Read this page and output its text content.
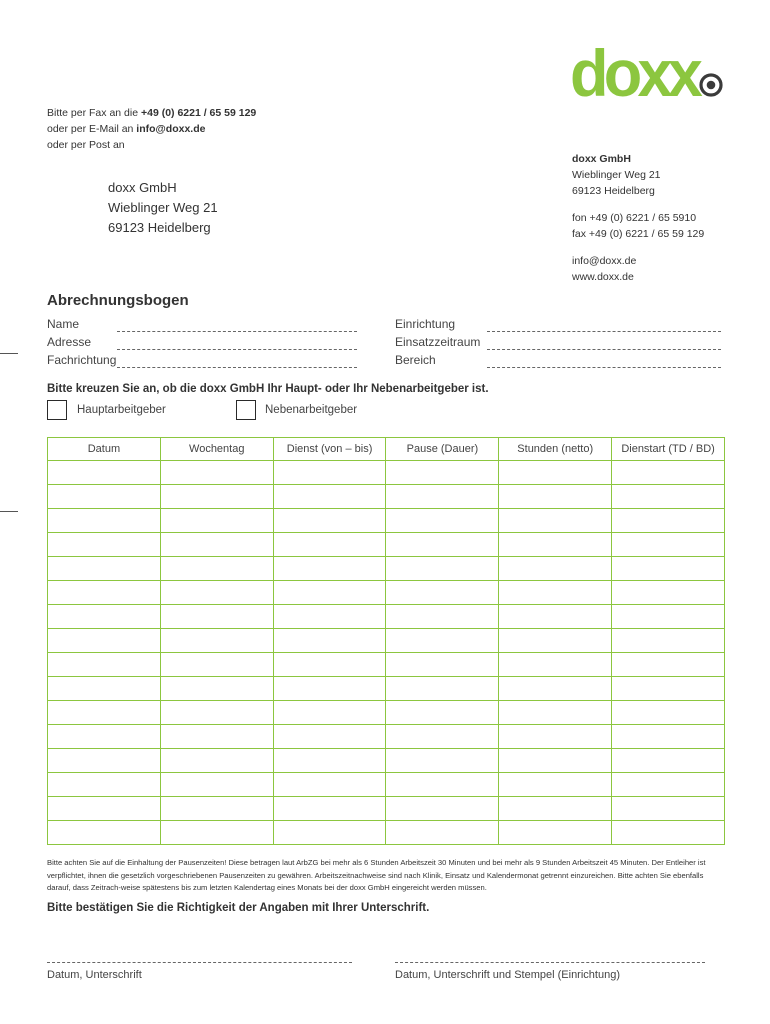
doxx
Bitte per Fax an die +49 (0) 6221 / 65 59 129
oder per E-Mail an info@doxx.de
oder per Post an
doxx GmbH
Wieblinger Weg 21
69123 Heidelberg
doxx GmbH
Wieblinger Weg 21
69123 Heidelberg
fon +49 (0) 6221 / 65 5910
fax +49 (0) 6221 / 65 59 129
info@doxx.de
www.doxx.de
Abrechnungsbogen
Name
Adresse
Fachrichtung
Einrichtung
Einsatzzeitraum
Bereich
Bitte kreuzen Sie an, ob die doxx GmbH Ihr Haupt- oder Ihr Nebenarbeitgeber ist.
Hauptarbeitgeber	Nebenarbeitgeber
Datum	Wochentag	Dienst (von – bis)	Pause (Dauer)	Stunden (netto)	Dienstart (TD / BD)

Bitte achten Sie auf die Einhaltung der Pausenzeiten! Diese betragen laut ArbZG bei mehr als 6 Stunden Arbeitszeit 30 Minuten und bei mehr als 9 Stunden Arbeitszeit 45 Minuten. Der Entleiher ist verpflichtet, ihnen die gesetzlich vorgeschriebenen Pausenzeiten zu gewähren. Arbeitszeitnachweise sind nach Klinik, Einsatz und Kalendermonat getrennt einzureichen. Bitte achten Sie ebenfalls darauf, dass Zeitrach-weise spätestens bis zum letzten Kalendertag eines Monats bei der doxx GmbH eingereicht werden müssen.
Bitte bestätigen Sie die Richtigkeit der Angaben mit Ihrer Unterschrift.
Datum, Unterschrift	Datum, Unterschrift und Stempel (Einrichtung)
